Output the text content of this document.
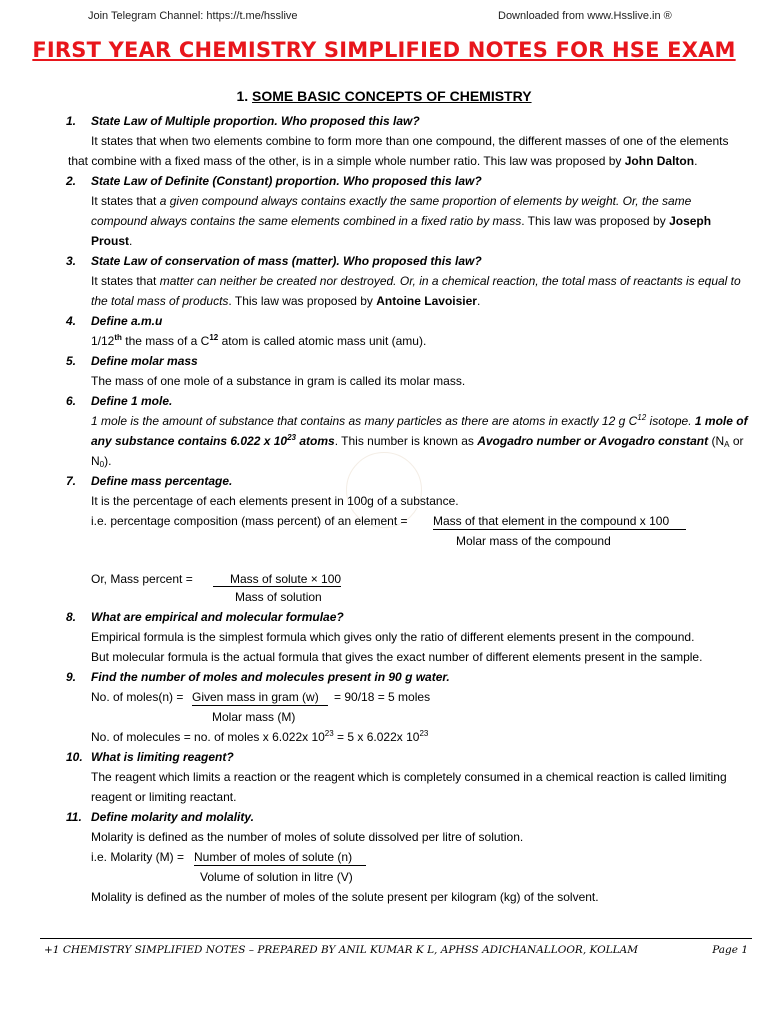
Join Telegram Channel: https://t.me/hsslive	Downloaded from www.Hsslive.in ®
FIRST YEAR CHEMISTRY SIMPLIFIED NOTES FOR HSE EXAM
1. SOME BASIC CONCEPTS OF CHEMISTRY

1. State Law of Multiple proportion. Who proposed this law?

It states that when two elements combine to form more than one compound, the different masses of one of the elements that combine with a fixed mass of the other, is in a simple whole number ratio. This law was proposed by John Dalton.

2. State Law of Definite (Constant) proportion. Who proposed this law?

It states that a given compound always contains exactly the same proportion of elements by weight. Or, the same compound always contains the same elements combined in a fixed ratio by mass. This law was proposed by Joseph Proust.

3. State Law of conservation of mass (matter). Who proposed this law?

It states that matter can neither be created nor destroyed. Or, in a chemical reaction, the total mass of reactants is equal to the total mass of products. This law was proposed by Antoine Lavoisier.

4. Define a.m.u

1/12th the mass of a $C^{12}$ atom is called atomic mass unit (amu).

5. Define molar mass

The mass of one mole of a substance in gram is called its molar mass.

6. Define 1 mole.

1 mole is the amount of substance that contains as many particles as there are atoms in exactly 12 g $C^{12}$ isotope. 1 mole of any substance contains 6.022 x $10^{23}$ atoms. This number is known as Avogadro number or Avogadro constant ($N_A$ or $N_0$).

7. Define mass percentage.

It is the percentage of each elements present in 100g of a substance.

i.e. percentage composition (mass percent) of an element = Mass of that element in the compound x 100
Molar mass of the compound
Or, Mass percent =	Mass of solute × 100
Mass of solution

8. What are empirical and molecular formulae?

Empirical formula is the simplest formula which gives only the ratio of different elements present in the compound.

But molecular formula is the actual formula that gives the exact number of different elements present in the sample.

9. Find the number of moles and molecules present in 90 g water.

No. of moles(n) = Given mass in gram (w) = 90/18 = 5 moles
Molar mass (M)

No. of molecules = no. of moles x 6.022x $10^{23} = 5$ x 6.022x $10^{23}$

10. What is limiting reagent?

The reagent which limits a reaction or the reagent which is completely consumed in a chemical reaction is called limiting reagent or limiting reactant.

11. Define molarity and molality.

Molarity is defined as the number of moles of solute dissolved per litre of solution.

i.e. Molarity (M) = Number of moles of solute (n)
Volume of solution in litre (V)

Molality is defined as the number of moles of the solute present per kilogram (kg) of the solvent.

+1 CHEMISTRY SIMPLIFIED NOTES – PREPARED BY ANIL KUMAR K L, APHSS ADICHANALLOOR, KOLLAM	Page 1
